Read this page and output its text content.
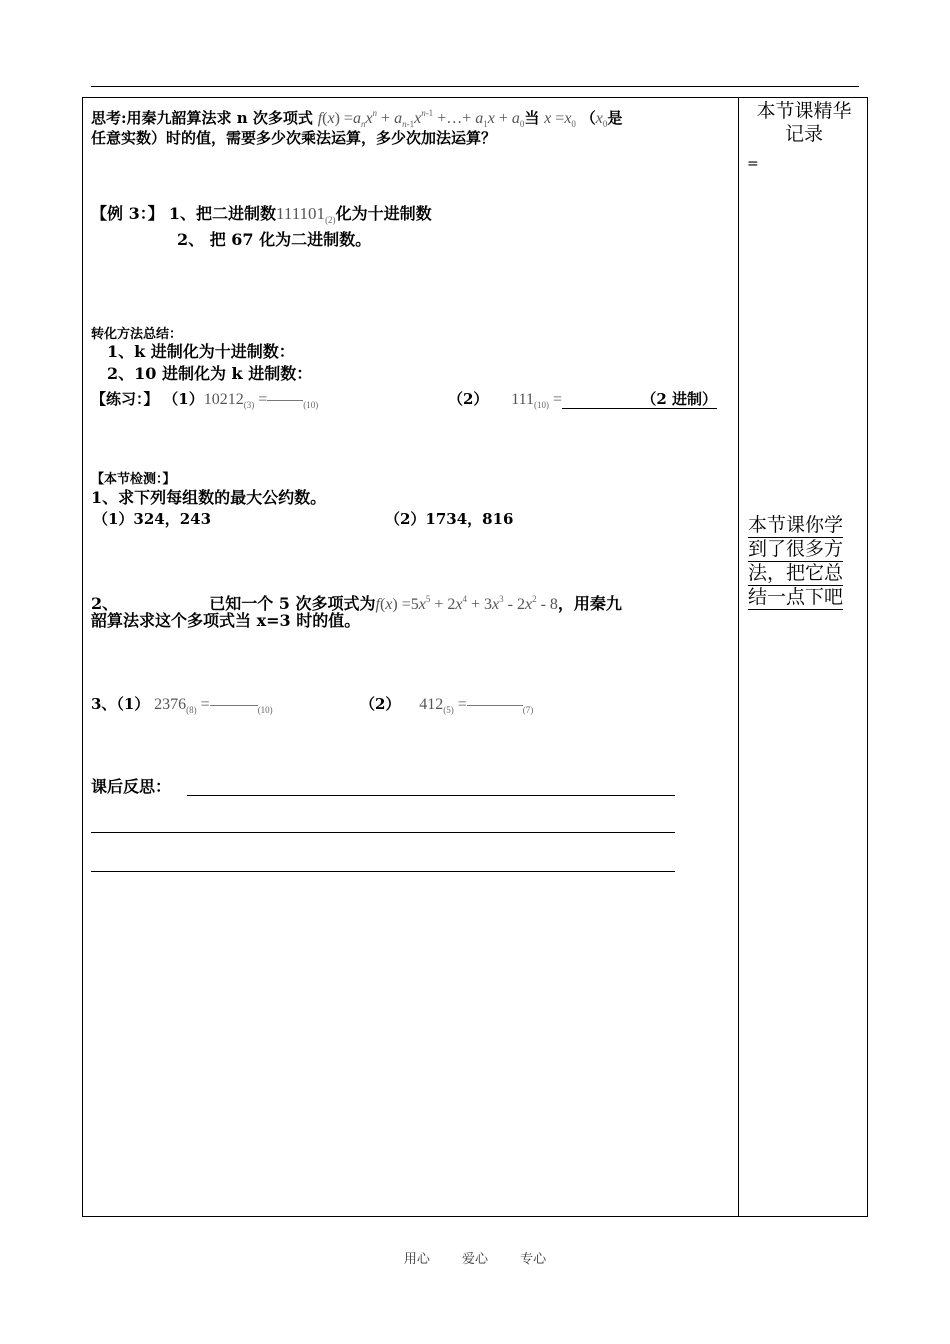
思考:用秦九韶算法求 n 次多项式 $f(x) =a_nx^n + a_{n-1}x^{n-1}$ +…+ $a_1x + a_0$当 $x =x_0$ （$x_0$是
任意实数）时的值，需要多少次乘法运算，多少次加法运算？
【例 3：】 1、把二进制数$111101_{(2)}$化为十进制数
2、 把 67 化为二进制数。
转化方法总结：
1、k 进制化为十进制数：
2、10 进制化为 k 进制数：
【练习：】 $(1)10212_{(3)}$ =	$_{(10)}$	（2） $111_{(10)}$ =	（2 进制）
【本节检测：】
1、求下列每组数的最大公约数。
（1）324，243	（2）1734，816
2、	已知一个 5 次多项式为$f(x) =5x^5 + 2x^4 + 3x^3 - 2x^2 - 8$，用秦九
韶算法求这个多项式当 x=3 时的值。
3、（1） $2376_{(8)}$ =	$_{(10)}$	（2） $412_{(5)}$ =	$_{(7)}$
课后反思：
本节课精华
记录
=
本节课你学
到了很多方
法，把它总
结一点下吧
用心 爱心 专心
